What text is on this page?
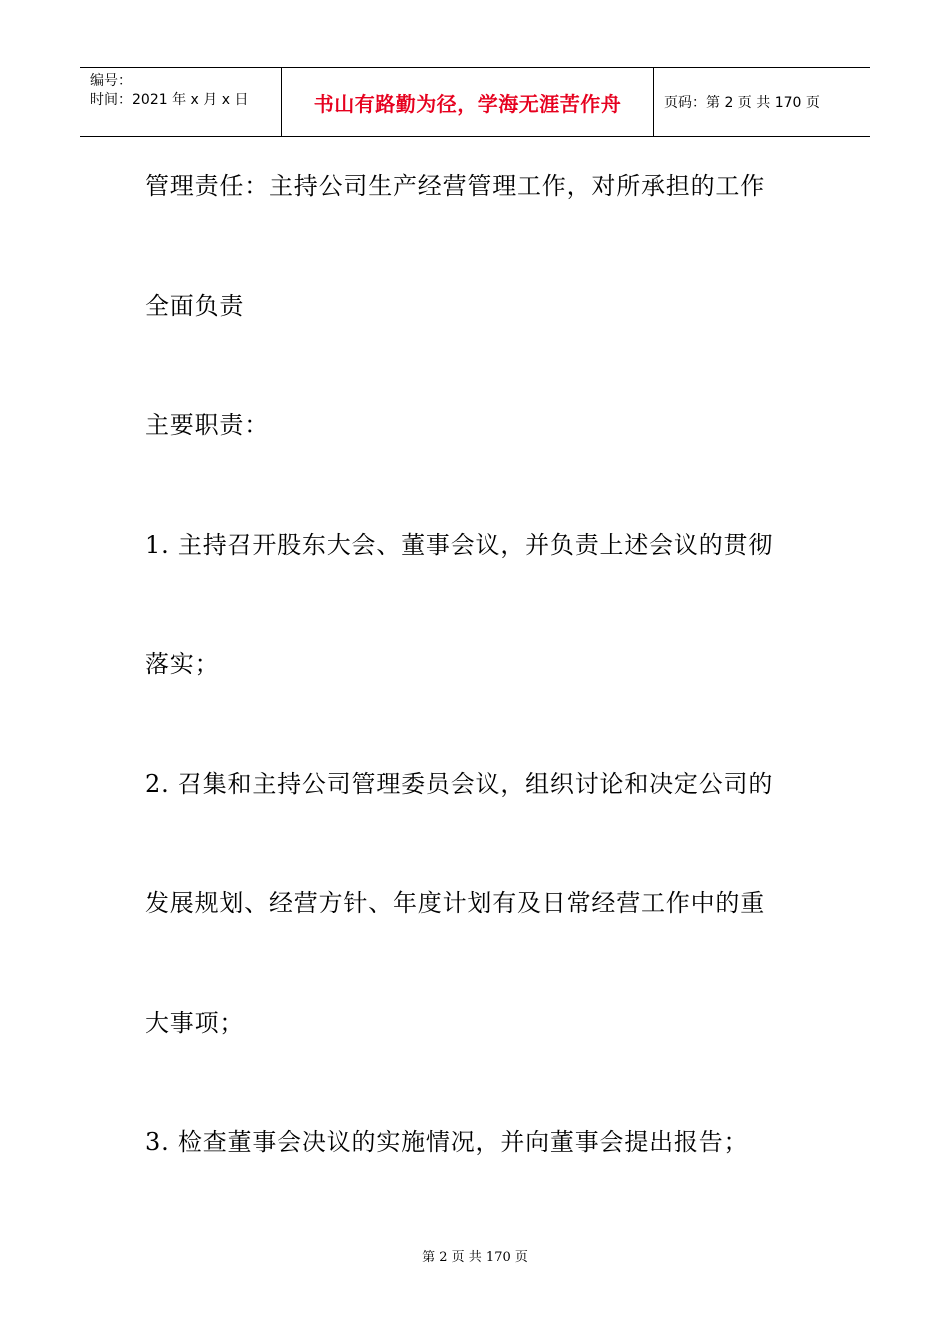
编号：
时间：2021 年 x 月 x 日	书山有路勤为径，学海无涯苦作舟	页码：第 2 页 共 170 页
管理责任：主持公司生产经营管理工作，对所承担的工作
全面负责
主要职责：
1. 主持召开股东大会、董事会议，并负责上述会议的贯彻
落实；
2. 召集和主持公司管理委员会议，组织讨论和决定公司的
发展规划、经营方针、年度计划有及日常经营工作中的重
大事项；
3. 检查董事会决议的实施情况，并向董事会提出报告；
第 2 页 共 170 页
